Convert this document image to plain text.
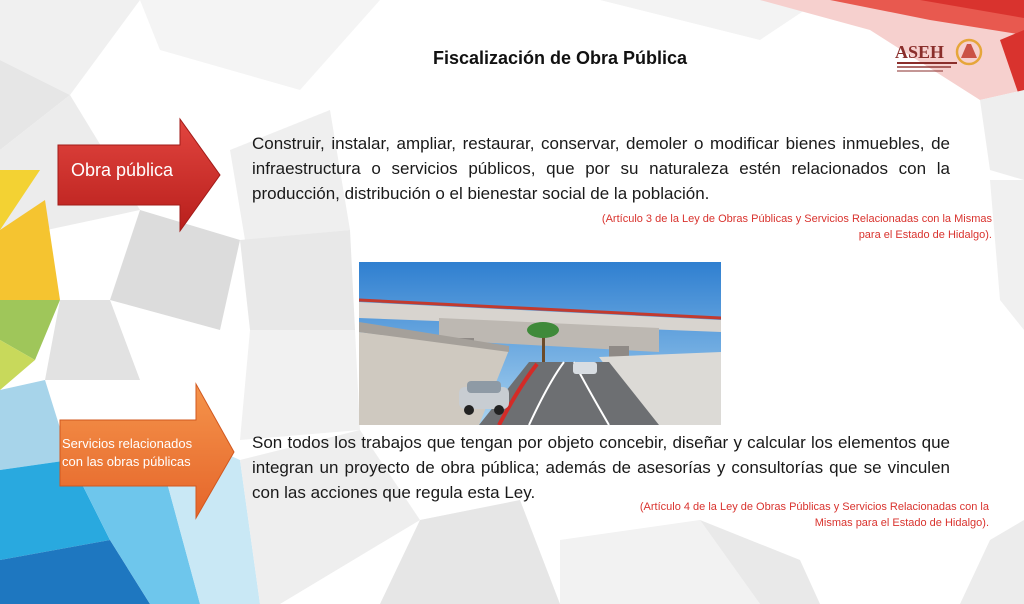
Fiscalización de Obra Pública	ASEH
Obra pública
Servicios relacionados
con las obras públicas
Construir, instalar, ampliar, restaurar, conservar, demoler o modificar bienes inmuebles, de infraestructura o servicios públicos, que por su naturaleza estén relacionados con la producción, distribución o el bienestar social de la población.
(Artículo 3 de la Ley de Obras Públicas y Servicios Relacionadas con la Mismas
para el Estado de Hidalgo).
Son todos los trabajos que tengan por objeto concebir, diseñar y calcular los elementos que integran un proyecto de obra pública; además de asesorías y consultorías que se vinculen con las acciones que regula esta Ley.
(Artículo 4 de la Ley de Obras Públicas y Servicios Relacionadas con la
Mismas para el Estado de Hidalgo).
